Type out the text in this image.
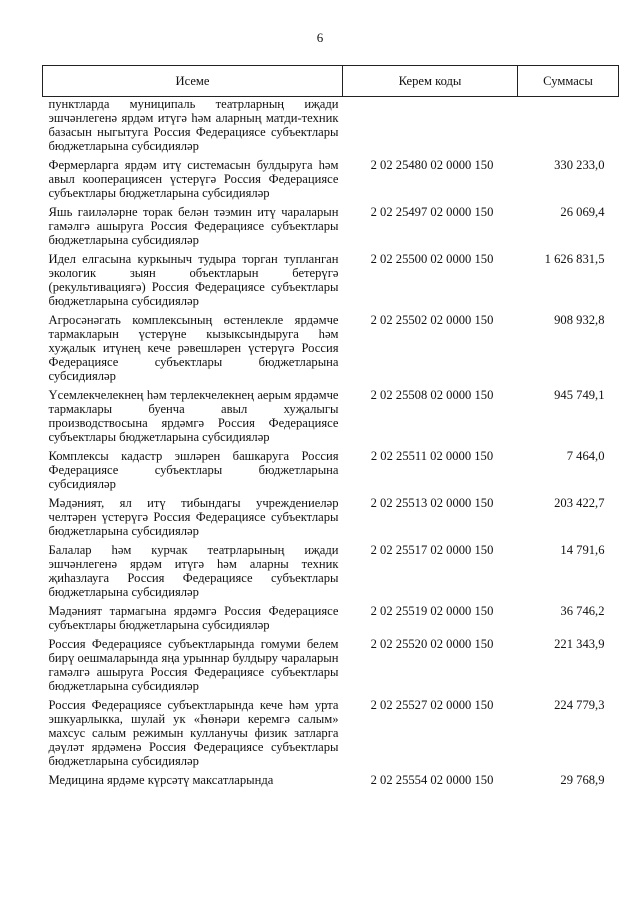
6
Исеме	Керем коды	Суммасы
пунктларда муниципаль театрларның иҗади эшчәнлегенә ярдәм итүгә һәм аларның матди-техник базасын ныгытуга Россия Федерациясе субъектлары бюджетларына субсидияләр		
Фермерларга ярдәм итү системасын булдыруга һәм авыл кооперациясен үстерүгә Россия Федерациясе субъектлары бюджетларына субсидияләр	2 02 25480 02 0000 150	330 233,0
Яшь гаиләләрне торак белән тәэмин итү чараларын гамәлгә ашыруга Россия Федерациясе субъектлары бюджетларына субсидияләр	2 02 25497 02 0000 150	26 069,4
Идел елгасына куркыныч тудыра торган тупланган экологик зыян объектларын бетерүгә (рекультивациягә) Россия Федерациясе субъектлары бюджетларына субсидияләр	2 02 25500 02 0000 150	1 626 831,5
Агросәнәгать комплексының өстенлекле ярдәмче тармакларын үстерүне кызыксындыруга һәм хуҗалык итүнең кече рәвешләрен үстерүгә Россия Федерациясе субъектлары бюджетларына субсидияләр	2 02 25502 02 0000 150	908 932,8
Үсемлекчелекнең һәм терлекчелекнең аерым ярдәмче тармаклары буенча авыл хуҗалыгы производствосына ярдәмгә Россия Федерациясе субъектлары бюджетларына субсидияләр	2 02 25508 02 0000 150	945 749,1
Комплексы кадастр эшләрен башкаруга Россия Федерациясе субъектлары бюджетларына субсидияләр	2 02 25511 02 0000 150	7 464,0
Мәдәният, ял итү тибындагы учреждениеләр челтәрен үстерүгә Россия Федерациясе субъектлары бюджетларына субсидияләр	2 02 25513 02 0000 150	203 422,7
Балалар һәм курчак театрларының иҗади эшчәнлегенә ярдәм итүгә һәм аларны техник җиһазлауга Россия Федерациясе субъектлары бюджетларына субсидияләр	2 02 25517 02 0000 150	14 791,6
Мәдәният тармагына ярдәмгә Россия Федерациясе субъектлары бюджетларына субсидияләр	2 02 25519 02 0000 150	36 746,2
Россия Федерациясе субъектларында гомуми белем бирү оешмаларында яңа урыннар булдыру чараларын гамәлгә ашыруга Россия Федерациясе субъектлары бюджетларына субсидияләр	2 02 25520 02 0000 150	221 343,9
Россия Федерациясе субъектларында кече һәм урта эшкуарлыкка, шулай ук «Һөнәри керемгә салым» махсус салым режимын кулланучы физик затларга дәүләт ярдәменә Россия Федерациясе субъектлары бюджетларына субсидияләр	2 02 25527 02 0000 150	224 779,3
Медицина ярдәме күрсәтү максатларында	2 02 25554 02 0000 150	29 768,9
